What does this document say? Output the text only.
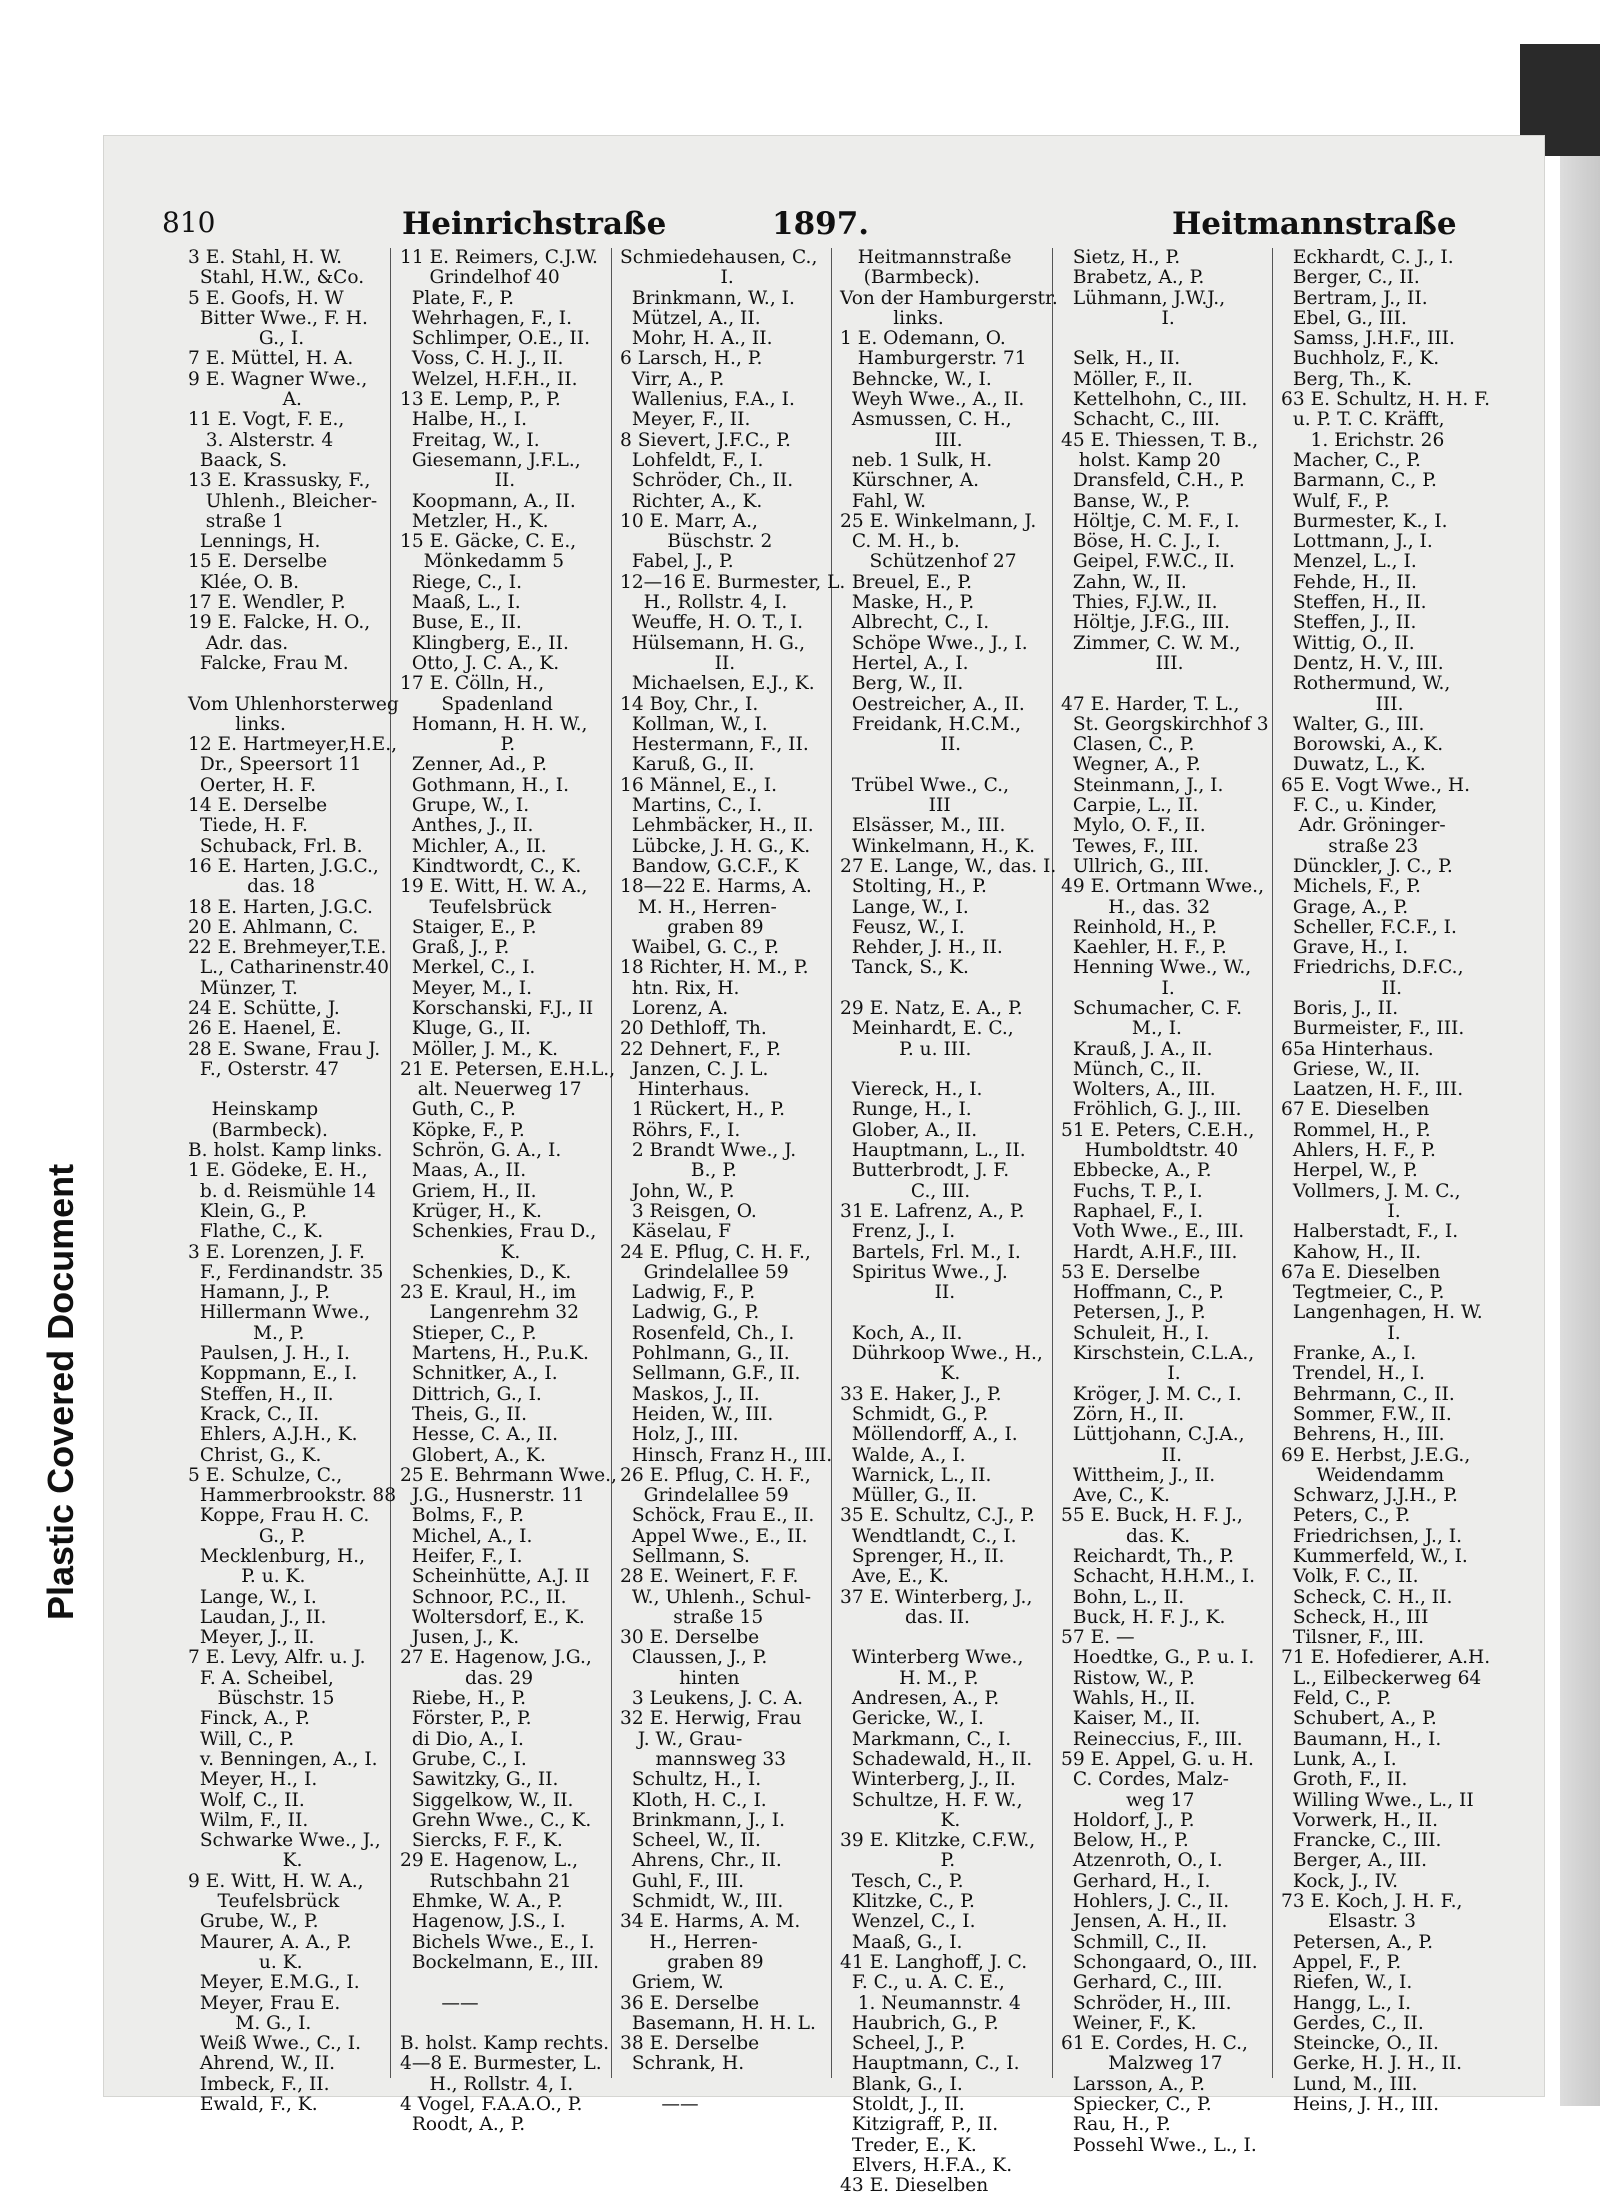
Plastic Covered Document
810	Heinrichstraße	1897.	Heitmannstraße
3 E. Stahl, H. W.
Stahl, H.W., &Co.
5 E. Goofs, H. W
Bitter Wwe., F. H.
G., I.
7 E. Müttel, H. A.
9 E. Wagner Wwe.,
A.
11 E. Vogt, F. E.,
3. Alsterstr. 4
Baack, S.
13 E. Krassusky, F.,
Uhlenh., Bleicher-
straße 1
Lennings, H.
15 E. Derselbe
Klée, O. B.
17 E. Wendler, P.
19 E. Falcke, H. O.,
Adr. das.
Falcke, Frau M.
Vom Uhlenhorsterweg
links.
12 E. Hartmeyer,H.E.,
Dr., Speersort 11
Oerter, H. F.
14 E. Derselbe
Tiede, H. F.
Schuback, Frl. B.
16 E. Harten, J.G.C.,
das. 18
18 E. Harten, J.G.C.
20 E. Ahlmann, C.
22 E. Brehmeyer,T.E.
L., Catharinenstr.40
Münzer, T.
24 E. Schütte, J.
26 E. Haenel, E.
28 E. Swane, Frau J.
F., Osterstr. 47
Heinskamp
(Barmbeck).
B. holst. Kamp links.
1 E. Gödeke, E. H.,
b. d. Reismühle 14
Klein, G., P.
Flathe, C., K.
3 E. Lorenzen, J. F.
F., Ferdinandstr. 35
Hamann, J., P.
Hillermann Wwe.,
M., P.
Paulsen, J. H., I.
Koppmann, E., I.
Steffen, H., II.
Krack, C., II.
Ehlers, A.J.H., K.
Christ, G., K.
5 E. Schulze, C.,
Hammerbrookstr. 88
Koppe, Frau H. C.
G., P.
Mecklenburg, H.,
P. u. K.
Lange, W., I.
Laudan, J., II.
Meyer, J., II.
7 E. Levy, Alfr. u. J.
F. A. Scheibel,
Büschstr. 15
Finck, A., P.
Will, C., P.
v. Benningen, A., I.
Meyer, H., I.
Wolf, C., II.
Wilm, F., II.
Schwarke Wwe., J.,
K.
9 E. Witt, H. W. A.,
Teufelsbrück
Grube, W., P.
Maurer, A. A., P.
u. K.
Meyer, E.M.G., I.
Meyer, Frau E.
M. G., I.
Weiß Wwe., C., I.
Ahrend, W., II.
Imbeck, F., II.
Ewald, F., K.
11 E. Reimers, C.J.W.
Grindelhof 40
Plate, F., P.
Wehrhagen, F., I.
Schlimper, O.E., II.
Voss, C. H. J., II.
Welzel, H.F.H., II.
13 E. Lemp, P., P.
Halbe, H., I.
Freitag, W., I.
Giesemann, J.F.L.,
II.
Koopmann, A., II.
Metzler, H., K.
15 E. Gäcke, C. E.,
Mönkedamm 5
Riege, C., I.
Maaß, L., I.
Buse, E., II.
Klingberg, E., II.
Otto, J. C. A., K.
17 E. Cölln, H.,
Spadenland
Homann, H. H. W.,
P.
Zenner, Ad., P.
Gothmann, H., I.
Grupe, W., I.
Anthes, J., II.
Michler, A., II.
Kindtwordt, C., K.
19 E. Witt, H. W. A.,
Teufelsbrück
Staiger, E., P.
Graß, J., P.
Merkel, C., I.
Meyer, M., I.
Korschanski, F.J., II
Kluge, G., II.
Möller, J. M., K.
21 E. Petersen, E.H.L.,
alt. Neuerweg 17
Guth, C., P.
Köpke, F., P.
Schrön, G. A., I.
Maas, A., II.
Griem, H., II.
Krüger, H., K.
Schenkies, Frau D.,
K.
Schenkies, D., K.
23 E. Kraul, H., im
Langenrehm 32
Stieper, C., P.
Martens, H., P.u.K.
Schnitker, A., I.
Dittrich, G., I.
Theis, G., II.
Hesse, C. A., II.
Globert, A., K.
25 E. Behrmann Wwe.,
J.G., Husnerstr. 11
Bolms, F., P.
Michel, A., I.
Heifer, F., I.
Scheinhütte, A.J. II
Schnoor, P.C., II.
Woltersdorf, E., K.
Jusen, J., K.
27 E. Hagenow, J.G.,
das. 29
Riebe, H., P.
Förster, P., P.
di Dio, A., I.
Grube, C., I.
Sawitzky, G., II.
Siggelkow, W., II.
Grehn Wwe., C., K.
Siercks, F. F., K.
29 E. Hagenow, L.,
Rutschbahn 21
Ehmke, W. A., P.
Hagenow, J.S., I.
Bichels Wwe., E., I.
Bockelmann, E., III.
——
B. holst. Kamp rechts.
4—8 E. Burmester, L.
H., Rollstr. 4, I.
4 Vogel, F.A.A.O., P.
Roodt, A., P.
Schmiedehausen, C.,
I.
Brinkmann, W., I.
Mützel, A., II.
Mohr, H. A., II.
6 Larsch, H., P.
Virr, A., P.
Wallenius, F.A., I.
Meyer, F., II.
8 Sievert, J.F.C., P.
Lohfeldt, F., I.
Schröder, Ch., II.
Richter, A., K.
10 E. Marr, A.,
Büschstr. 2
Fabel, J., P.
12—16 E. Burmester, L.
H., Rollstr. 4, I.
Weuffe, H. O. T., I.
Hülsemann, H. G.,
II.
Michaelsen, E.J., K.
14 Boy, Chr., I.
Kollman, W., I.
Hestermann, F., II.
Karuß, G., II.
16 Männel, E., I.
Martins, C., I.
Lehmbäcker, H., II.
Lübcke, J. H. G., K.
Bandow, G.C.F., K
18—22 E. Harms, A.
M. H., Herren-
graben 89
Waibel, G. C., P.
18 Richter, H. M., P.
htn. Rix, H.
Lorenz, A.
20 Dethloff, Th.
22 Dehnert, F., P.
Janzen, C. J. L.
Hinterhaus.
1 Rückert, H., P.
Röhrs, F., I.
2 Brandt Wwe., J.
B., P.
John, W., P.
3 Reisgen, O.
Käselau, F
24 E. Pflug, C. H. F.,
Grindelallee 59
Ladwig, F., P.
Ladwig, G., P.
Rosenfeld, Ch., I.
Pohlmann, G., II.
Sellmann, G.F., II.
Maskos, J., II.
Heiden, W., III.
Holz, J., III.
Hinsch, Franz H., III.
26 E. Pflug, C. H. F.,
Grindelallee 59
Schöck, Frau E., II.
Appel Wwe., E., II.
Sellmann, S.
28 E. Weinert, F. F.
W., Uhlenh., Schul-
straße 15
30 E. Derselbe
Claussen, J., P.
hinten
3 Leukens, J. C. A.
32 E. Herwig, Frau
J. W., Grau-
mannsweg 33
Schultz, H., I.
Kloth, H. C., I.
Brinkmann, J., I.
Scheel, W., II.
Ahrens, Chr., II.
Guhl, F., III.
Schmidt, W., III.
34 E. Harms, A. M.
H., Herren-
graben 89
Griem, W.
36 E. Derselbe
Basemann, H. H. L.
38 E. Derselbe
Schrank, H.
——
Heitmannstraße
(Barmbeck).
Von der Hamburgerstr.
links.
1 E. Odemann, O.
Hamburgerstr. 71
Behncke, W., I.
Weyh Wwe., A., II.
Asmussen, C. H.,
III.
neb. 1 Sulk, H.
Kürschner, A.
Fahl, W.
25 E. Winkelmann, J.
C. M. H., b.
Schützenhof 27
Breuel, E., P.
Maske, H., P.
Albrecht, C., I.
Schöpe Wwe., J., I.
Hertel, A., I.
Berg, W., II.
Oestreicher, A., II.
Freidank, H.C.M.,
II.
Trübel Wwe., C.,
III
Elsässer, M., III.
Winkelmann, H., K.
27 E. Lange, W., das. I.
Stolting, H., P.
Lange, W., I.
Feusz, W., I.
Rehder, J. H., II.
Tanck, S., K.
29 E. Natz, E. A., P.
Meinhardt, E. C.,
P. u. III.
Viereck, H., I.
Runge, H., I.
Glober, A., II.
Hauptmann, L., II.
Butterbrodt, J. F.
C., III.
31 E. Lafrenz, A., P.
Frenz, J., I.
Bartels, Frl. M., I.
Spiritus Wwe., J.
II.
Koch, A., II.
Dührkoop Wwe., H.,
K.
33 E. Haker, J., P.
Schmidt, G., P.
Möllendorff, A., I.
Walde, A., I.
Warnick, L., II.
Müller, G., II.
35 E. Schultz, C.J., P.
Wendtlandt, C., I.
Sprenger, H., II.
Ave, E., K.
37 E. Winterberg, J.,
das. II.
Winterberg Wwe.,
H. M., P.
Andresen, A., P.
Gericke, W., I.
Markmann, C., I.
Schadewald, H., II.
Winterberg, J., II.
Schultze, H. F. W.,
K.
39 E. Klitzke, C.F.W.,
P.
Tesch, C., P.
Klitzke, C., P.
Wenzel, C., I.
Maaß, G., I.
41 E. Langhoff, J. C.
F. C., u. A. C. E.,
1. Neumannstr. 4
Haubrich, G., P.
Scheel, J., P.
Hauptmann, C., I.
Blank, G., I.
Stoldt, J., II.
Kitzigraff, P., II.
Treder, E., K.
Elvers, H.F.A., K.
43 E. Dieselben
Sietz, H., P.
Brabetz, A., P.
Lühmann, J.W.J.,
I.
Selk, H., II.
Möller, F., II.
Kettelhohn, C., III.
Schacht, C., III.
45 E. Thiessen, T. B.,
holst. Kamp 20
Dransfeld, C.H., P.
Banse, W., P.
Höltje, C. M. F., I.
Böse, H. C. J., I.
Geipel, F.W.C., II.
Zahn, W., II.
Thies, F.J.W., II.
Höltje, J.F.G., III.
Zimmer, C. W. M.,
III.
47 E. Harder, T. L.,
St. Georgskirchhof 3
Clasen, C., P.
Wegner, A., P.
Steinmann, J., I.
Carpie, L., II.
Mylo, O. F., II.
Tewes, F., III.
Ullrich, G., III.
49 E. Ortmann Wwe.,
H., das. 32
Reinhold, H., P.
Kaehler, H. F., P.
Henning Wwe., W.,
I.
Schumacher, C. F.
M., I.
Krauß, J. A., II.
Münch, C., II.
Wolters, A., III.
Fröhlich, G. J., III.
51 E. Peters, C.E.H.,
Humboldtstr. 40
Ebbecke, A., P.
Fuchs, T. P., I.
Raphael, F., I.
Voth Wwe., E., III.
Hardt, A.H.F., III.
53 E. Derselbe
Hoffmann, C., P.
Petersen, J., P.
Schuleit, H., I.
Kirschstein, C.L.A.,
I.
Kröger, J. M. C., I.
Zörn, H., II.
Lüttjohann, C.J.A.,
II.
Wittheim, J., II.
Ave, C., K.
55 E. Buck, H. F. J.,
das. K.
Reichardt, Th., P.
Schacht, H.H.M., I.
Bohn, L., II.
Buck, H. F. J., K.
57 E. —
Hoedtke, G., P. u. I.
Ristow, W., P.
Wahls, H., II.
Kaiser, M., II.
Reineccius, F., III.
59 E. Appel, G. u. H.
C. Cordes, Malz-
weg 17
Holdorf, J., P.
Below, H., P.
Atzenroth, O., I.
Gerhard, H., I.
Hohlers, J. C., II.
Jensen, A. H., II.
Schmill, C., II.
Schongaard, O., III.
Gerhard, C., III.
Schröder, H., III.
Weiner, F., K.
61 E. Cordes, H. C.,
Malzweg 17
Larsson, A., P.
Spiecker, C., P.
Rau, H., P.
Possehl Wwe., L., I.
Eckhardt, C. J., I.
Berger, C., II.
Bertram, J., II.
Ebel, G., III.
Samss, J.H.F., III.
Buchholz, F., K.
Berg, Th., K.
63 E. Schultz, H. H. F.
u. P. T. C. Kräfft,
1. Erichstr. 26
Macher, C., P.
Barmann, C., P.
Wulf, F., P.
Burmester, K., I.
Lottmann, J., I.
Menzel, L., I.
Fehde, H., II.
Steffen, H., II.
Steffen, J., II.
Wittig, O., II.
Dentz, H. V., III.
Rothermund, W.,
III.
Walter, G., III.
Borowski, A., K.
Duwatz, L., K.
65 E. Vogt Wwe., H.
F. C., u. Kinder,
Adr. Gröninger-
straße 23
Dünckler, J. C., P.
Michels, F., P.
Grage, A., P.
Scheller, F.C.F., I.
Grave, H., I.
Friedrichs, D.F.C.,
II.
Boris, J., II.
Burmeister, F., III.
65a Hinterhaus.
Griese, W., II.
Laatzen, H. F., III.
67 E. Dieselben
Rommel, H., P.
Ahlers, H. F., P.
Herpel, W., P.
Vollmers, J. M. C.,
I.
Halberstadt, F., I.
Kahow, H., II.
67a E. Dieselben
Tegtmeier, C., P.
Langenhagen, H. W.
I.
Franke, A., I.
Trendel, H., I.
Behrmann, C., II.
Sommer, F.W., II.
Behrens, H., III.
69 E. Herbst, J.E.G.,
Weidendamm
Schwarz, J.J.H., P.
Peters, C., P.
Friedrichsen, J., I.
Kummerfeld, W., I.
Volk, F. C., II.
Scheck, C. H., II.
Scheck, H., III
Tilsner, F., III.
71 E. Hofedierer, A.H.
L., Eilbeckerweg 64
Feld, C., P.
Schubert, A., P.
Baumann, H., I.
Lunk, A., I.
Groth, F., II.
Willing Wwe., L., II
Vorwerk, H., II.
Francke, C., III.
Berger, A., III.
Kock, J., IV.
73 E. Koch, J. H. F.,
Elsastr. 3
Petersen, A., P.
Appel, F., P.
Riefen, W., I.
Hangg, L., I.
Gerdes, C., II.
Steincke, O., II.
Gerke, H. J. H., II.
Lund, M., III.
Heins, J. H., III.
